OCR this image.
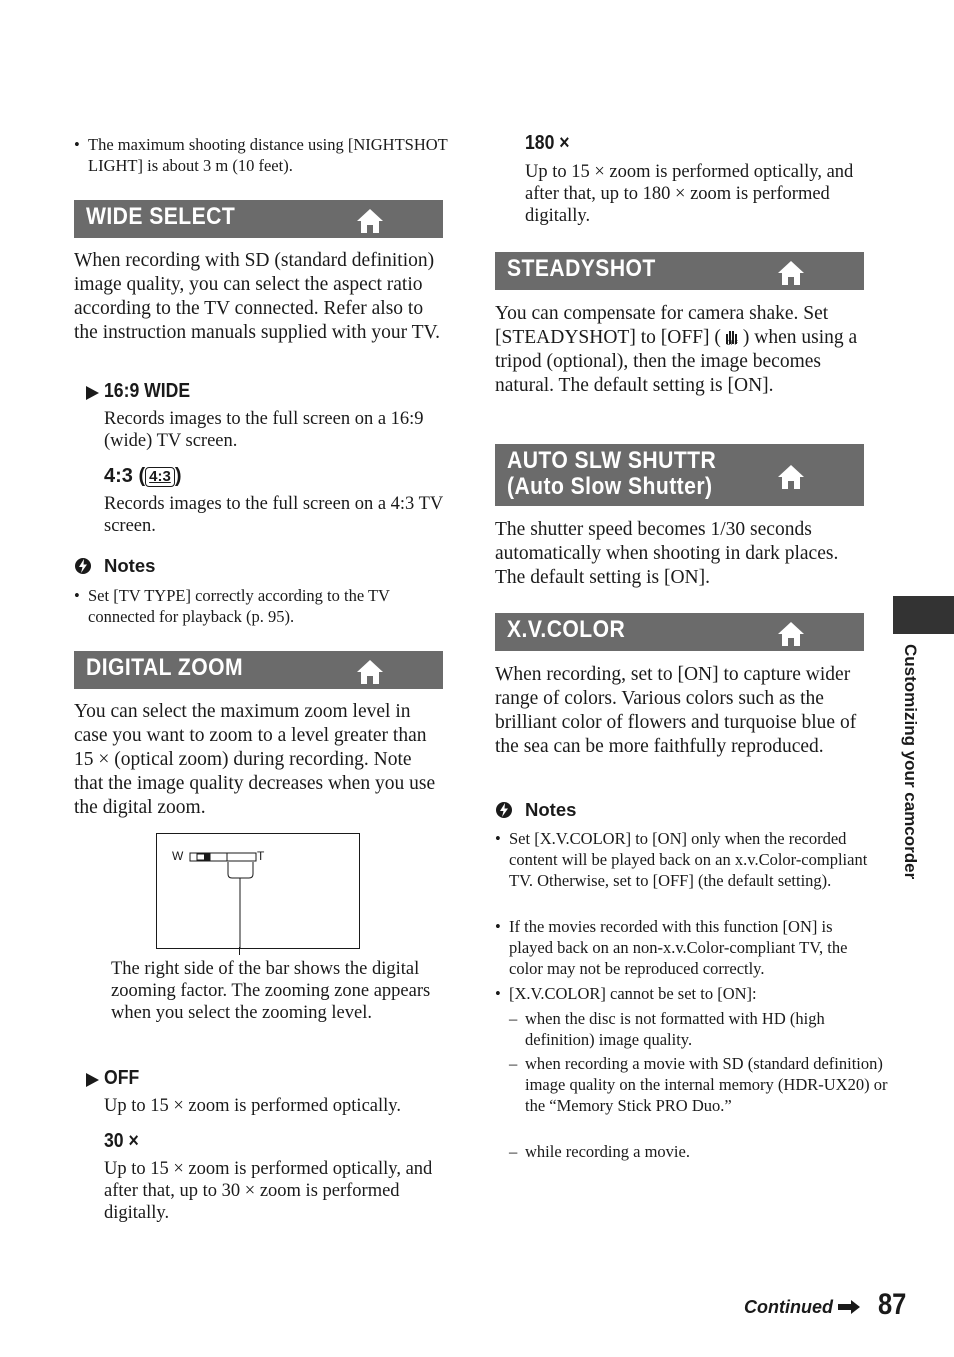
• The maximum shooting distance using [NIGHTSHOT LIGHT] is about 3 m (10 feet).
WIDE SELECT
When recording with SD (standard definition) image quality, you can select the aspect ratio according to the TV connected. Refer also to the instruction manuals supplied with your TV.
16:9 WIDE
Records images to the full screen on a 16:9 (wide) TV screen.
4:3 ( 4:3 )
Records images to the full screen on a 4:3 TV screen.
Notes
• Set [TV TYPE] correctly according to the TV connected for playback (p. 95).
DIGITAL ZOOM
You can select the maximum zoom level in case you want to zoom to a level greater than 15 × (optical zoom) during recording. Note that the image quality decreases when you use the digital zoom.
W	T
The right side of the bar shows the digital zooming factor. The zooming zone appears when you select the zooming level.
OFF
Up to 15 × zoom is performed optically.
30 ×
Up to 15 × zoom is performed optically, and after that, up to 30 × zoom is performed digitally.
180 ×
Up to 15 × zoom is performed optically, and after that, up to 180 × zoom is performed digitally.
STEADYSHOT
You can compensate for camera shake. Set [STEADYSHOT] to [OFF] ( OFF ) when using a tripod (optional), then the image becomes natural. The default setting is [ON].
AUTO SLW SHUTTR
(Auto Slow Shutter)
The shutter speed becomes 1/30 seconds automatically when shooting in dark places. The default setting is [ON].
X.V.COLOR
When recording, set to [ON] to capture wider range of colors. Various colors such as the brilliant color of flowers and turquoise blue of the sea can be more faithfully reproduced.
Notes
• Set [X.V.COLOR] to [ON] only when the recorded content will be played back on an x.v.Color-compliant TV. Otherwise, set to [OFF] (the default setting).
• If the movies recorded with this function [ON] is played back on an non-x.v.Color-compliant TV, the color may not be reproduced correctly.
• [X.V.COLOR] cannot be set to [ON]:
– when the disc is not formatted with HD (high definition) image quality.
– when recording a movie with SD (standard definition) image quality on the internal memory (HDR-UX20) or the “Memory Stick PRO Duo.”
– while recording a movie.
Customizing your camcorder
Continued	87
